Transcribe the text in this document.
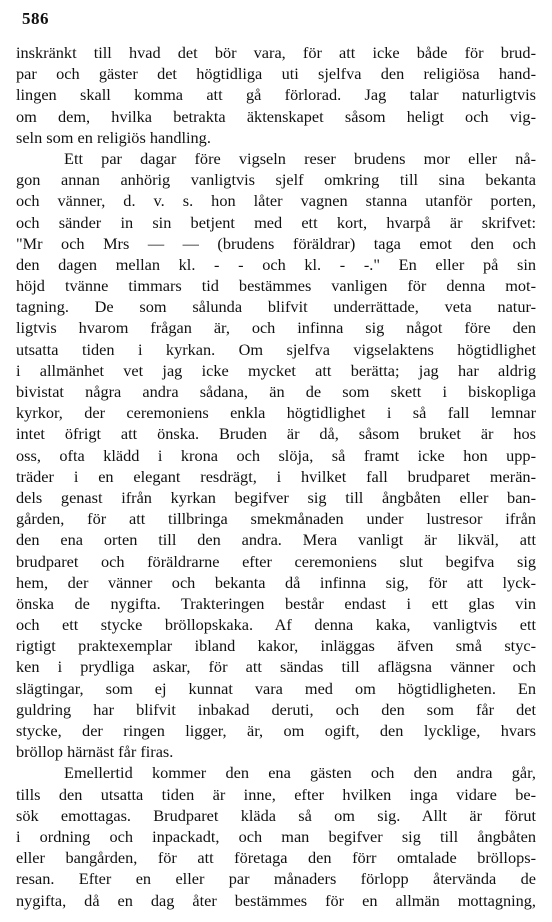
586
inskränkt till hvad det bör vara, för att icke både för brud-
par och gäster det högtidliga uti sjelfva den religiösa hand-
lingen skall komma att gå förlorad. Jag talar naturligtvis
om dem, hvilka betrakta äktenskapet såsom heligt och vig-
seln som en religiös handling.
Ett par dagar före vigseln reser brudens mor eller nå-
gon annan anhörig vanligtvis sjelf omkring till sina bekanta
och vänner, d. v. s. hon låter vagnen stanna utanför porten,
och sänder in sin betjent med ett kort, hvarpå är skrifvet:
"Mr och Mrs — — (brudens föräldrar) taga emot den och
den dagen mellan kl. - - och kl. - -." En eller på sin
höjd tvänne timmars tid bestämmes vanligen för denna mot-
tagning. De som sålunda blifvit underrättade, veta natur-
ligtvis hvarom frågan är, och infinna sig något före den
utsatta tiden i kyrkan. Om sjelfva vigselaktens högtidlighet
i allmänhet vet jag icke mycket att berätta; jag har aldrig
bivistat några andra sådana, än de som skett i biskopliga
kyrkor, der ceremoniens enkla högtidlighet i så fall lemnar
intet öfrigt att önska. Bruden är då, såsom bruket är hos
oss, ofta klädd i krona och slöja, så framt icke hon upp-
träder i en elegant resdrägt, i hvilket fall brudparet merän-
dels genast ifrån kyrkan begifver sig till ångbåten eller ban-
gården, för att tillbringa smekmånaden under lustresor ifrån
den ena orten till den andra. Mera vanligt är likväl, att
brudparet och föräldrarne efter ceremoniens slut begifva sig
hem, der vänner och bekanta då infinna sig, för att lyck-
önska de nygifta. Trakteringen består endast i ett glas vin
och ett stycke bröllopskaka. Af denna kaka, vanligtvis ett
rigtigt praktexemplar ibland kakor, inläggas äfven små styc-
ken i prydliga askar, för att sändas till aflägsna vänner och
slägtingar, som ej kunnat vara med om högtidligheten. En
guldring har blifvit inbakad deruti, och den som får det
stycke, der ringen ligger, är, om ogift, den lycklige, hvars
bröllop härnäst får firas.
Emellertid kommer den ena gästen och den andra går,
tills den utsatta tiden är inne, efter hvilken inga vidare be-
sök emottagas. Brudparet kläda så om sig. Allt är förut
i ordning och inpackadt, och man begifver sig till ångbåten
eller bangården, för att företaga den förr omtalade bröllops-
resan. Efter en eller par månaders förlopp återvända de
nygifta, då en dag åter bestämmes för en allmän mottagning,
